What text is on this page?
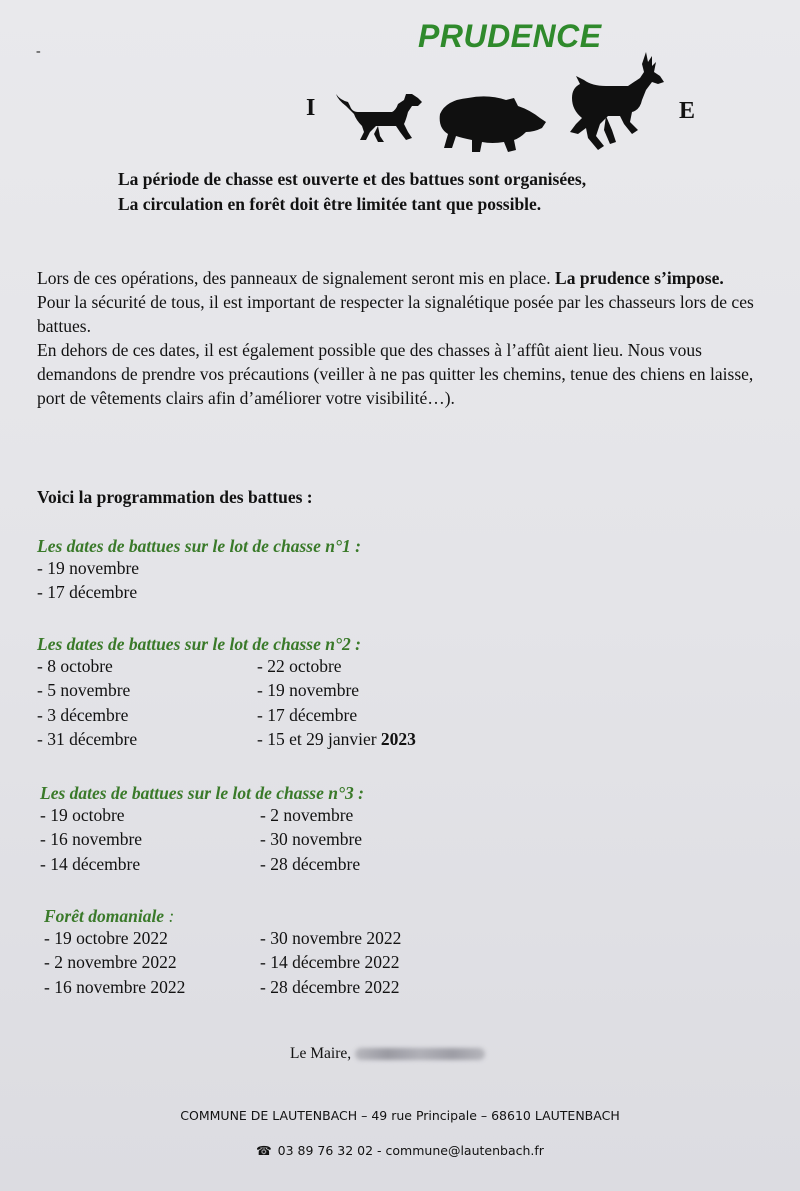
PRUDENCE
-
I	E
La période de chasse est ouverte et des battues sont organisées,
La circulation en forêt doit être limitée tant que possible.

Lors de ces opérations, des panneaux de signalement seront mis en place. La prudence s’impose.

Pour la sécurité de tous, il est important de respecter la signalétique posée par les chasseurs lors de ces battues.

En dehors de ces dates, il est également possible que des chasses à l’affût aient lieu. Nous vous demandons de prendre vos précautions (veiller à ne pas quitter les chemins, tenue des chiens en laisse, port de vêtements clairs afin d’améliorer votre visibilité…).

Voici la programmation des battues :
Les dates de battues sur le lot de chasse n°1 :
- 19 novembre
- 17 décembre
Les dates de battues sur le lot de chasse n°2 :
- 8 octobre	- 22 octobre
- 5 novembre	- 19 novembre
- 3 décembre	- 17 décembre
- 31 décembre	- 15 et 29 janvier 2023
Les dates de battues sur le lot de chasse n°3 :
- 19 octobre	- 2 novembre
- 16 novembre	- 30 novembre
- 14 décembre	- 28 décembre
Forêt domaniale :
- 19 octobre 2022	- 30 novembre 2022
- 2 novembre 2022	- 14 décembre 2022
- 16 novembre 2022	- 28 décembre 2022
Le Maire,
COMMUNE DE LAUTENBACH – 49 rue Principale – 68610 LAUTENBACH
☎ 03 89 76 32 02 - commune@lautenbach.fr
